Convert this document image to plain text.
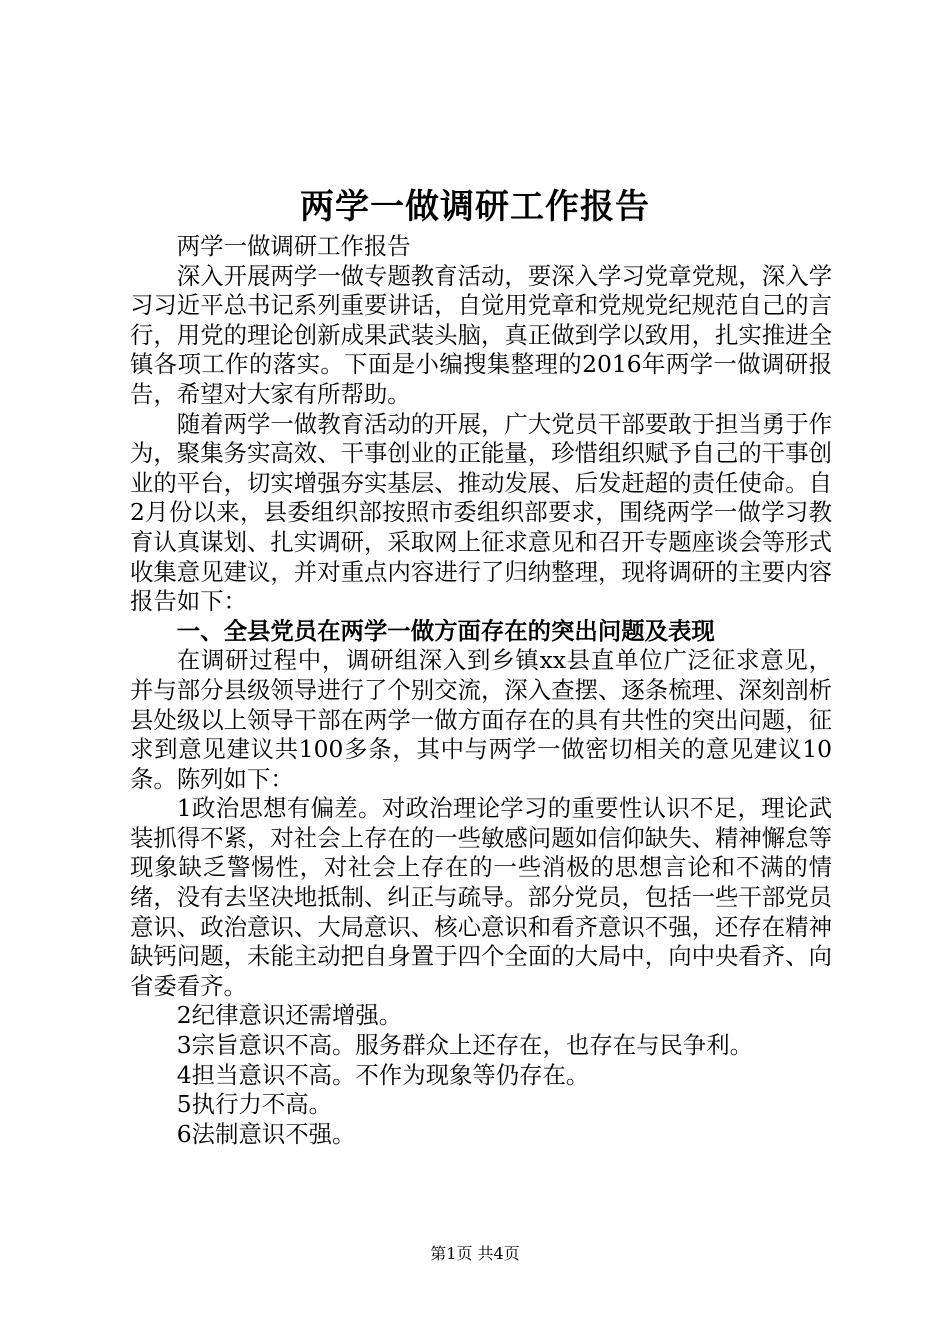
两学一做调研工作报告

两学一做调研工作报告

深入开展两学一做专题教育活动，要深入学习党章党规，深入学习习近平总书记系列重要讲话，自觉用党章和党规党纪规范自己的言行，用党的理论创新成果武装头脑，真正做到学以致用，扎实推进全镇各项工作的落实。下面是小编搜集整理的2016年两学一做调研报告，希望对大家有所帮助。

随着两学一做教育活动的开展，广大党员干部要敢于担当勇于作为，聚集务实高效、干事创业的正能量，珍惜组织赋予自己的干事创业的平台，切实增强夯实基层、推动发展、后发赶超的责任使命。自2月份以来，县委组织部按照市委组织部要求，围绕两学一做学习教育认真谋划、扎实调研，采取网上征求意见和召开专题座谈会等形式收集意见建议，并对重点内容进行了归纳整理，现将调研的主要内容报告如下：

一、全县党员在两学一做方面存在的突出问题及表现

在调研过程中，调研组深入到乡镇xx县直单位广泛征求意见，并与部分县级领导进行了个别交流，深入查摆、逐条梳理、深刻剖析县处级以上领导干部在两学一做方面存在的具有共性的突出问题，征求到意见建议共100多条，其中与两学一做密切相关的意见建议10条。陈列如下：

1政治思想有偏差。对政治理论学习的重要性认识不足，理论武装抓得不紧，对社会上存在的一些敏感问题如信仰缺失、精神懈怠等现象缺乏警惕性，对社会上存在的一些消极的思想言论和不满的情绪，没有去坚决地抵制、纠正与疏导。部分党员，包括一些干部党员意识、政治意识、大局意识、核心意识和看齐意识不强，还存在精神缺钙问题，未能主动把自身置于四个全面的大局中，向中央看齐、向省委看齐。

2纪律意识还需增强。

3宗旨意识不高。服务群众上还存在，也存在与民争利。

4担当意识不高。不作为现象等仍存在。

5执行力不高。

6法制意识不强。

第1页 共4页
